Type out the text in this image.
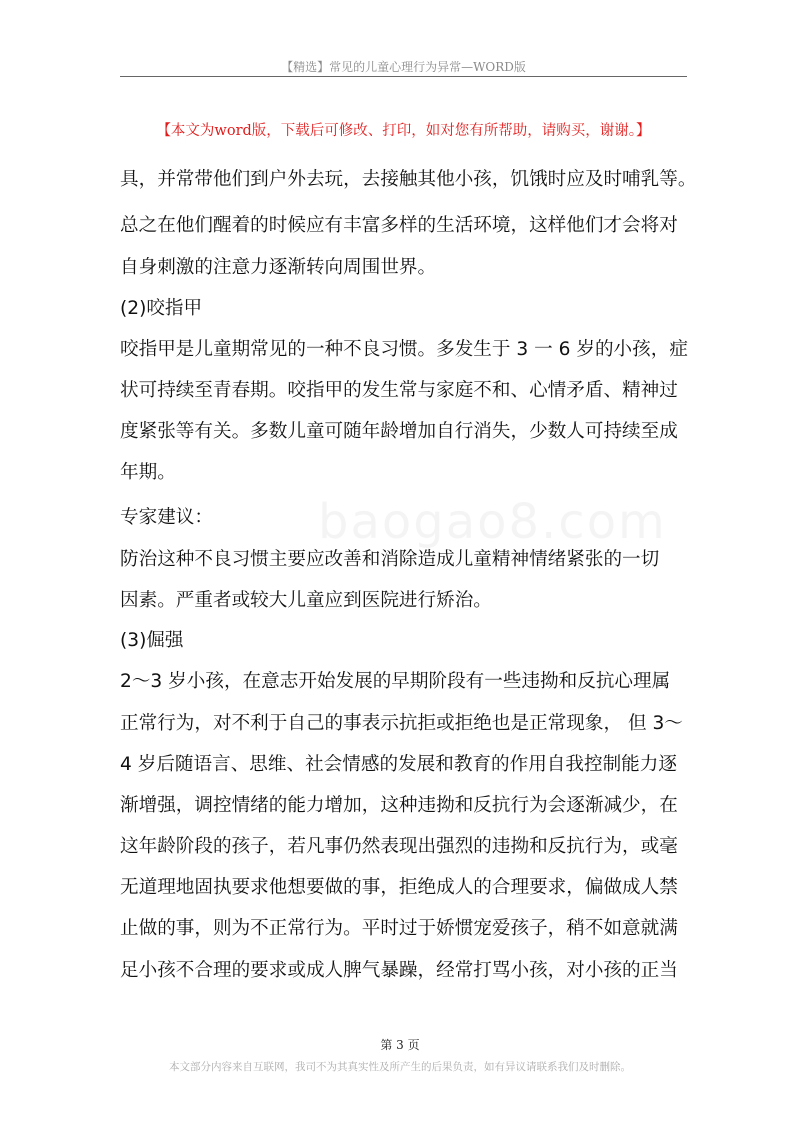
【精选】常见的儿童心理行为异常—WORD版
【本文为word版，下载后可修改、打印，如对您有所帮助，请购买，谢谢。】
具，并常带他们到户外去玩，去接触其他小孩，饥饿时应及时哺乳等。
总之在他们醒着的时候应有丰富多样的生活环境，这样他们才会将对
自身刺激的注意力逐渐转向周围世界。
(2)咬指甲
咬指甲是儿童期常见的一种不良习惯。多发生于 3 一 6 岁的小孩，症
状可持续至青春期。咬指甲的发生常与家庭不和、心情矛盾、精神过
度紧张等有关。多数儿童可随年龄增加自行消失，少数人可持续至成
年期。
专家建议：
防治这种不良习惯主要应改善和消除造成儿童精神情绪紧张的一切
因素。严重者或较大儿童应到医院进行矫治。
(3)倔强
2～3 岁小孩，在意志开始发展的早期阶段有一些违拗和反抗心理属
正常行为，对不利于自己的事表示抗拒或拒绝也是正常现象， 但 3～
4 岁后随语言、思维、社会情感的发展和教育的作用自我控制能力逐
渐增强，调控情绪的能力增加，这种违拗和反抗行为会逐渐减少，在
这年龄阶段的孩子，若凡事仍然表现出强烈的违拗和反抗行为，或毫
无道理地固执要求他想要做的事，拒绝成人的合理要求，偏做成人禁
止做的事，则为不正常行为。平时过于娇惯宠爱孩子，稍不如意就满
足小孩不合理的要求或成人脾气暴躁，经常打骂小孩，对小孩的正当
第 3 页
本文部分内容来自互联网，我司不为其真实性及所产生的后果负责，如有异议请联系我们及时删除。
